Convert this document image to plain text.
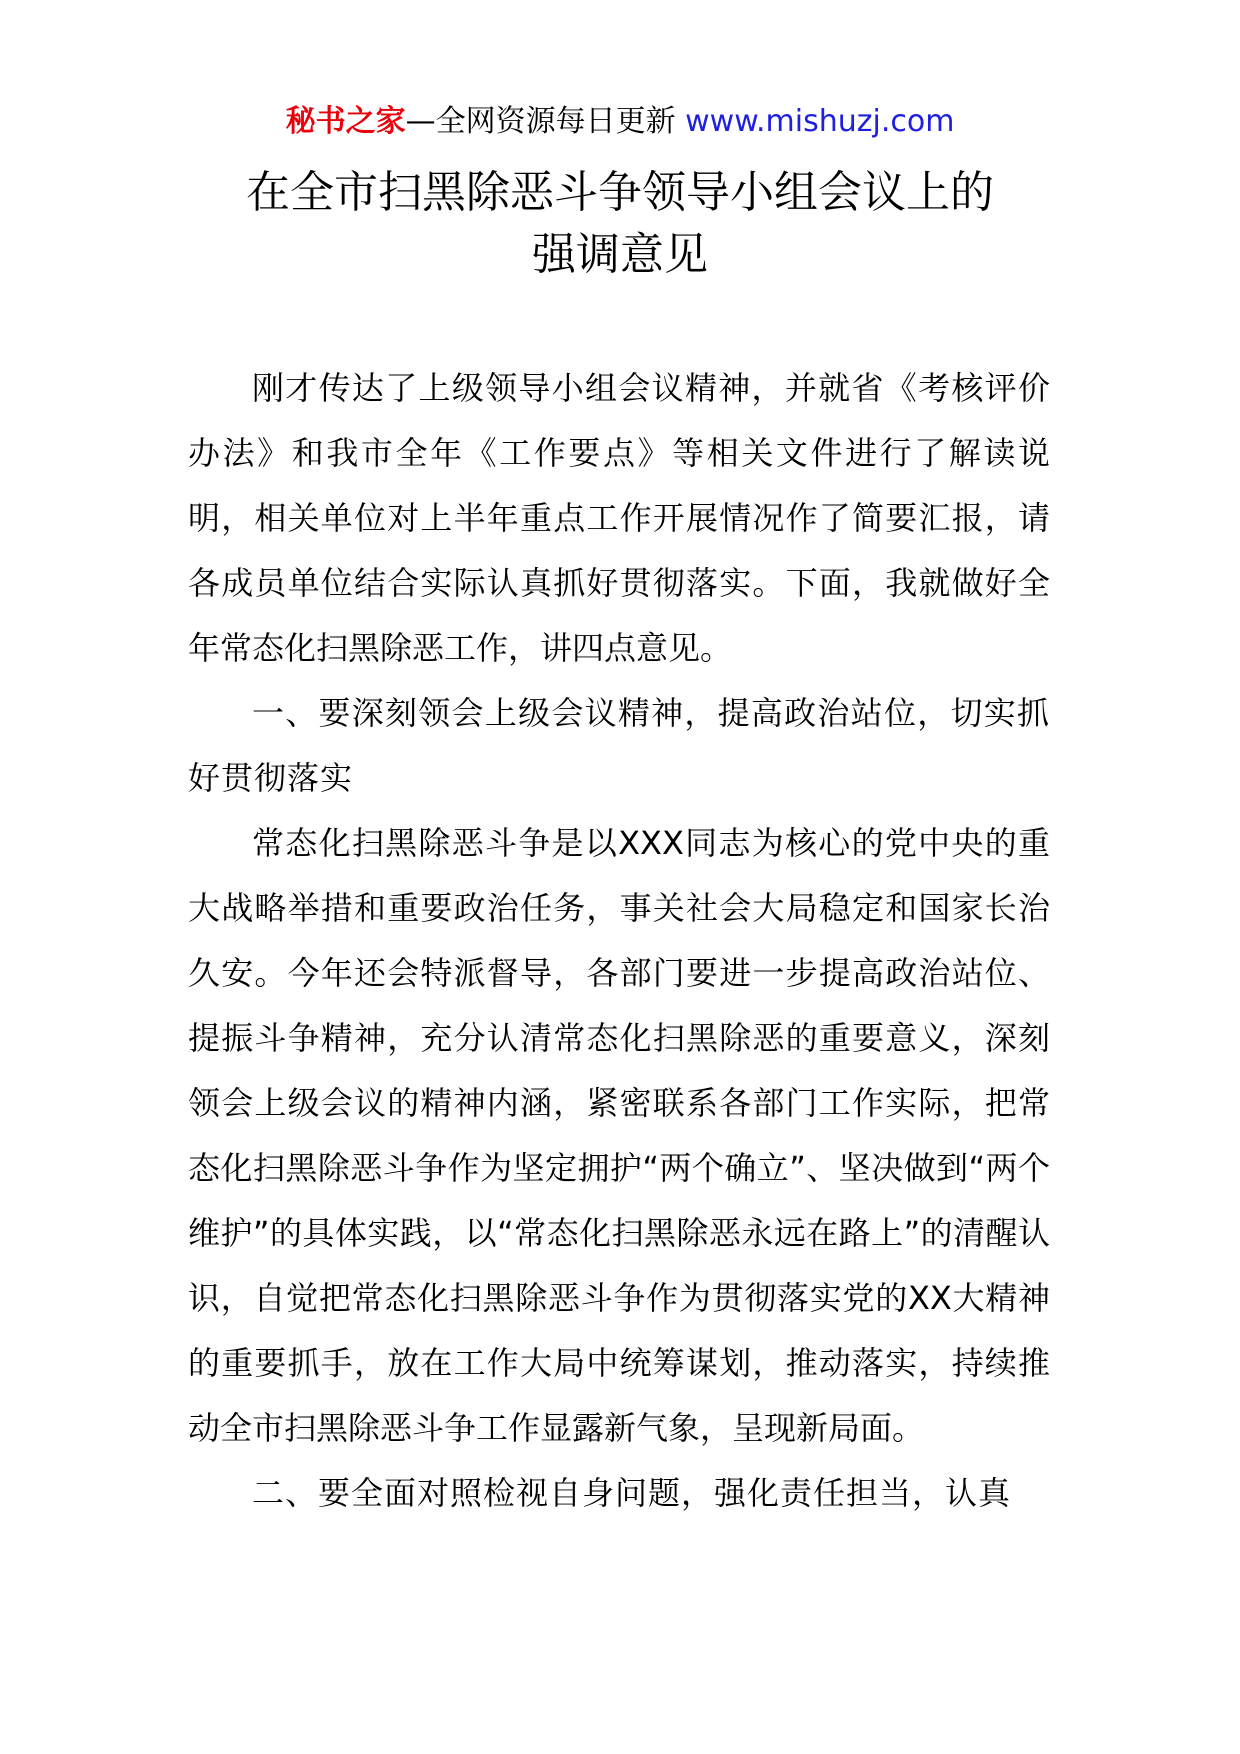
秘书之家—全网资源每日更新 www.mishuzj.com
在全市扫黑除恶斗争领导小组会议上的
强调意见

刚才传达了上级领导小组会议精神，并就省《考核评价办法》和我市全年《工作要点》等相关文件进行了解读说明，相关单位对上半年重点工作开展情况作了简要汇报，请各成员单位结合实际认真抓好贯彻落实。下面，我就做好全年常态化扫黑除恶工作，讲四点意见。

一、要深刻领会上级会议精神，提高政治站位，切实抓好贯彻落实

常态化扫黑除恶斗争是以XXX同志为核心的党中央的重大战略举措和重要政治任务，事关社会大局稳定和国家长治久安。今年还会特派督导，各部门要进一步提高政治站位、提振斗争精神，充分认清常态化扫黑除恶的重要意义，深刻领会上级会议的精神内涵，紧密联系各部门工作实际，把常态化扫黑除恶斗争作为坚定拥护“两个确立”、坚决做到“两个维护”的具体实践，以“常态化扫黑除恶永远在路上”的清醒认识，自觉把常态化扫黑除恶斗争作为贯彻落实党的XX大精神的重要抓手，放在工作大局中统筹谋划，推动落实，持续推动全市扫黑除恶斗争工作显露新气象，呈现新局面。

二、要全面对照检视自身问题，强化责任担当，认真
